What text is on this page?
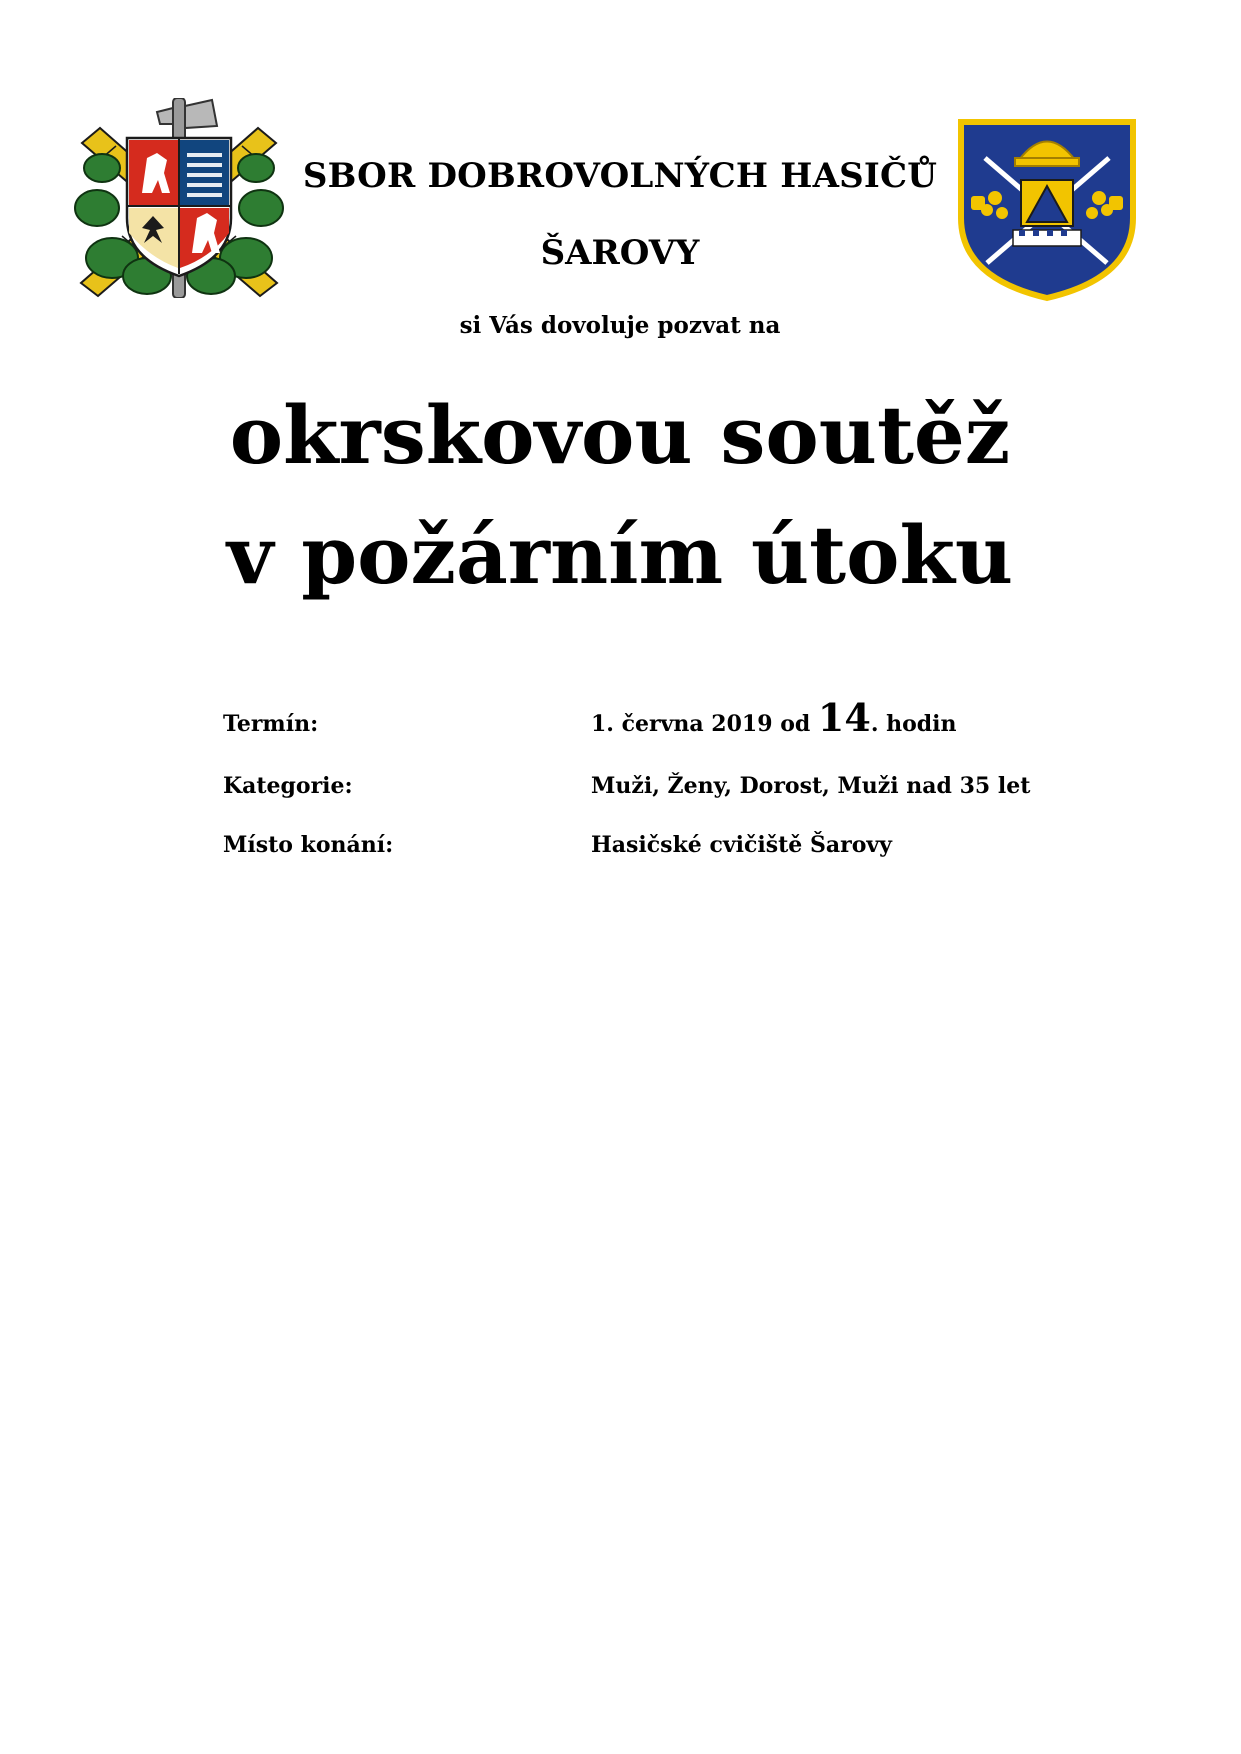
SBOR DOBROVOLNÝCH HASIČŮ
ŠAROVY
si Vás dovoluje pozvat na
okrskovou soutěž
v požárním útoku
Termín:	1. června 2019 od 14. hodin
Kategorie:	Muži, Ženy, Dorost, Muži nad 35 let
Místo konání:	Hasičské cvičiště Šarovy
